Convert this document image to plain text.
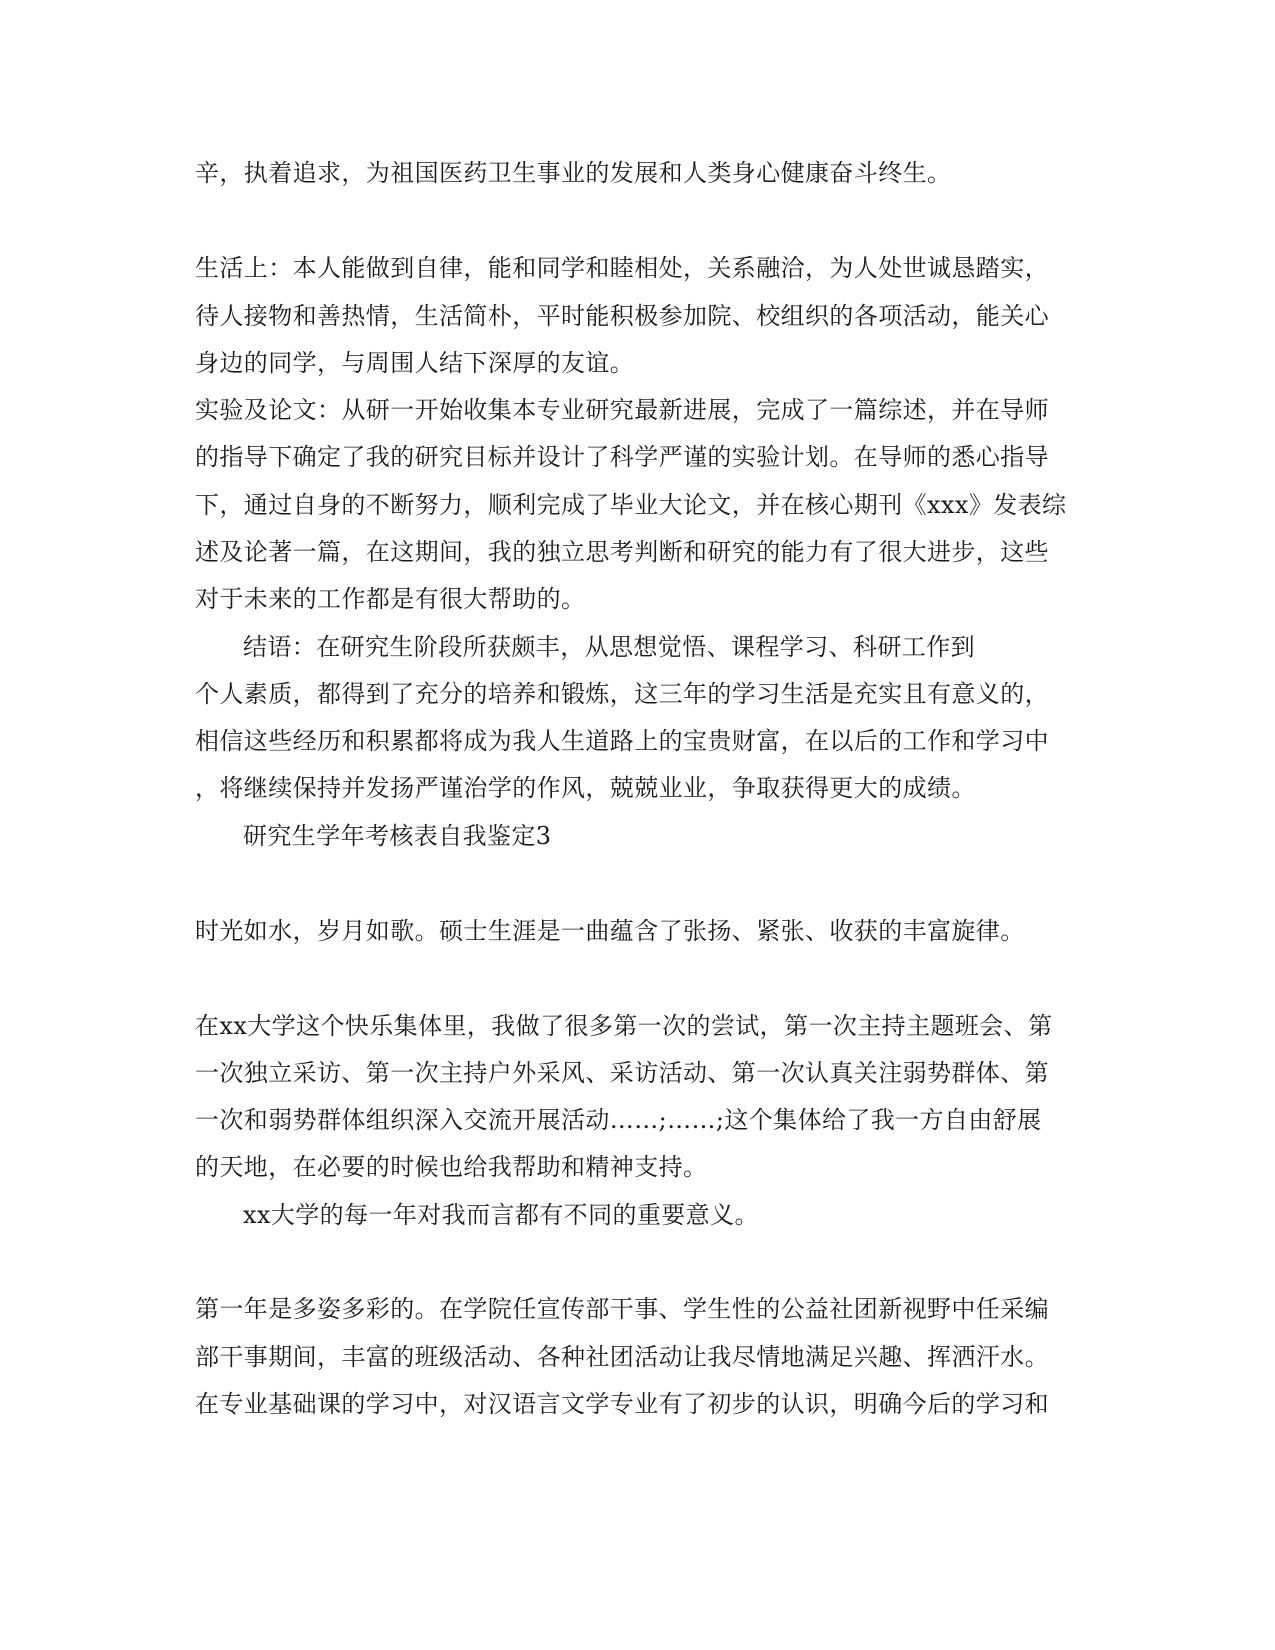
辛，执着追求，为祖国医药卫生事业的发展和人类身心健康奋斗终生。

生活上：本人能做到自律，能和同学和睦相处，关系融洽，为人处世诚恳踏实，

待人接物和善热情，生活简朴，平时能积极参加院、校组织的各项活动，能关心

身边的同学，与周围人结下深厚的友谊。

实验及论文：从研一开始收集本专业研究最新进展，完成了一篇综述，并在导师

的指导下确定了我的研究目标并设计了科学严谨的实验计划。在导师的悉心指导

下，通过自身的不断努力，顺利完成了毕业大论文，并在核心期刊《xxx》发表综

述及论著一篇，在这期间，我的独立思考判断和研究的能力有了很大进步，这些

对于未来的工作都是有很大帮助的。

结语：在研究生阶段所获颇丰，从思想觉悟、课程学习、科研工作到

个人素质，都得到了充分的培养和锻炼，这三年的学习生活是充实且有意义的，

相信这些经历和积累都将成为我人生道路上的宝贵财富，在以后的工作和学习中

，将继续保持并发扬严谨治学的作风，兢兢业业，争取获得更大的成绩。

研究生学年考核表自我鉴定3

时光如水，岁月如歌。硕士生涯是一曲蕴含了张扬、紧张、收获的丰富旋律。

在xx大学这个快乐集体里，我做了很多第一次的尝试，第一次主持主题班会、第

一次独立采访、第一次主持户外采风、采访活动、第一次认真关注弱势群体、第

一次和弱势群体组织深入交流开展活动……;……;这个集体给了我一方自由舒展

的天地，在必要的时候也给我帮助和精神支持。

xx大学的每一年对我而言都有不同的重要意义。

第一年是多姿多彩的。在学院任宣传部干事、学生性的公益社团新视野中任采编

部干事期间，丰富的班级活动、各种社团活动让我尽情地满足兴趣、挥洒汗水。

在专业基础课的学习中，对汉语言文学专业有了初步的认识，明确今后的学习和
